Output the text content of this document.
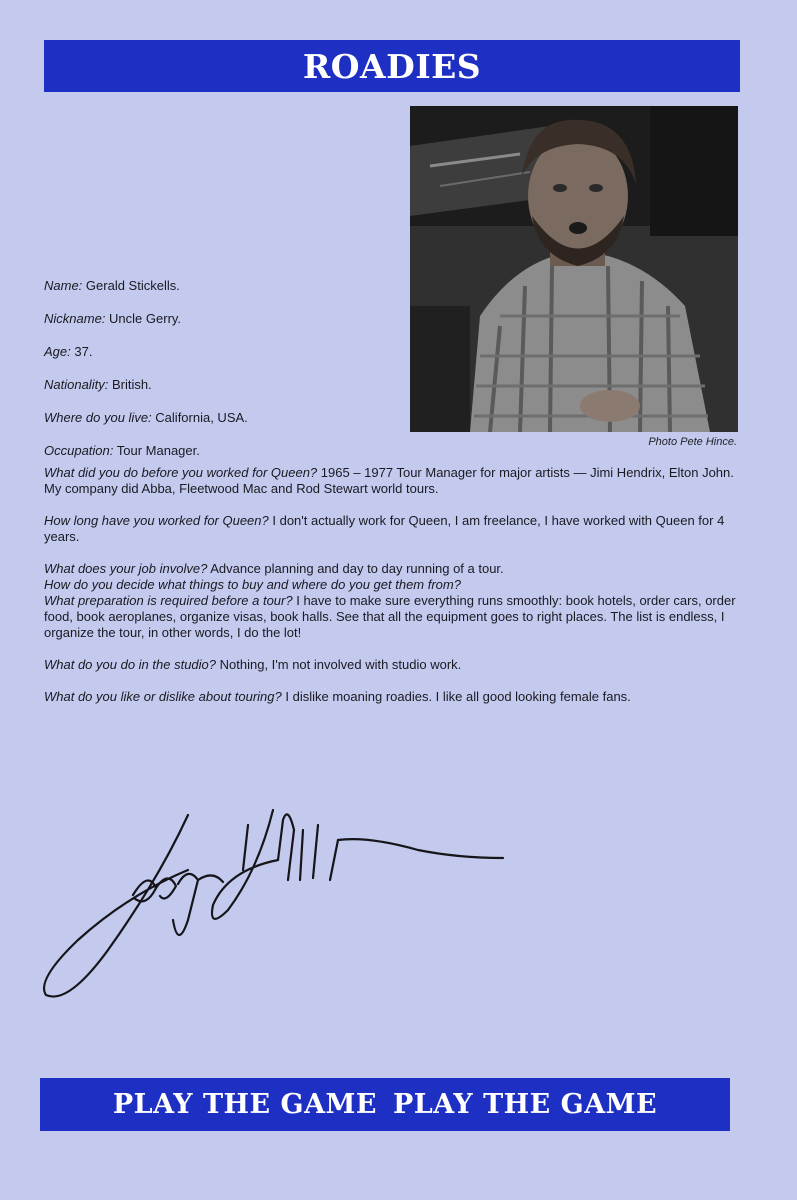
ROADIES
Photo Pete Hince.
Name: Gerald Stickells.
Nickname: Uncle Gerry.
Age: 37.
Nationality: British.
Where do you live: California, USA.
Occupation: Tour Manager.

What did you do before you worked for Queen? 1965 – 1977 Tour Manager for major artists — Jimi Hendrix, Elton John. My company did Abba, Fleetwood Mac and Rod Stewart world tours.

How long have you worked for Queen? I don't actually work for Queen, I am freelance, I have worked with Queen for 4 years.

What does your job involve? Advance planning and day to day running of a tour.

How do you decide what things to buy and where do you get them from?

What preparation is required before a tour? I have to make sure everything runs smoothly: book hotels, order cars, order food, book aeroplanes, organize visas, book halls. See that all the equipment goes to right places. The list is endless, I organize the tour, in other words, I do the lot!

What do you do in the studio? Nothing, I'm not involved with studio work.

What do you like or dislike about touring? I dislike moaning roadies. I like all good looking female fans.

PLAY THE GAME PLAY THE GAME
